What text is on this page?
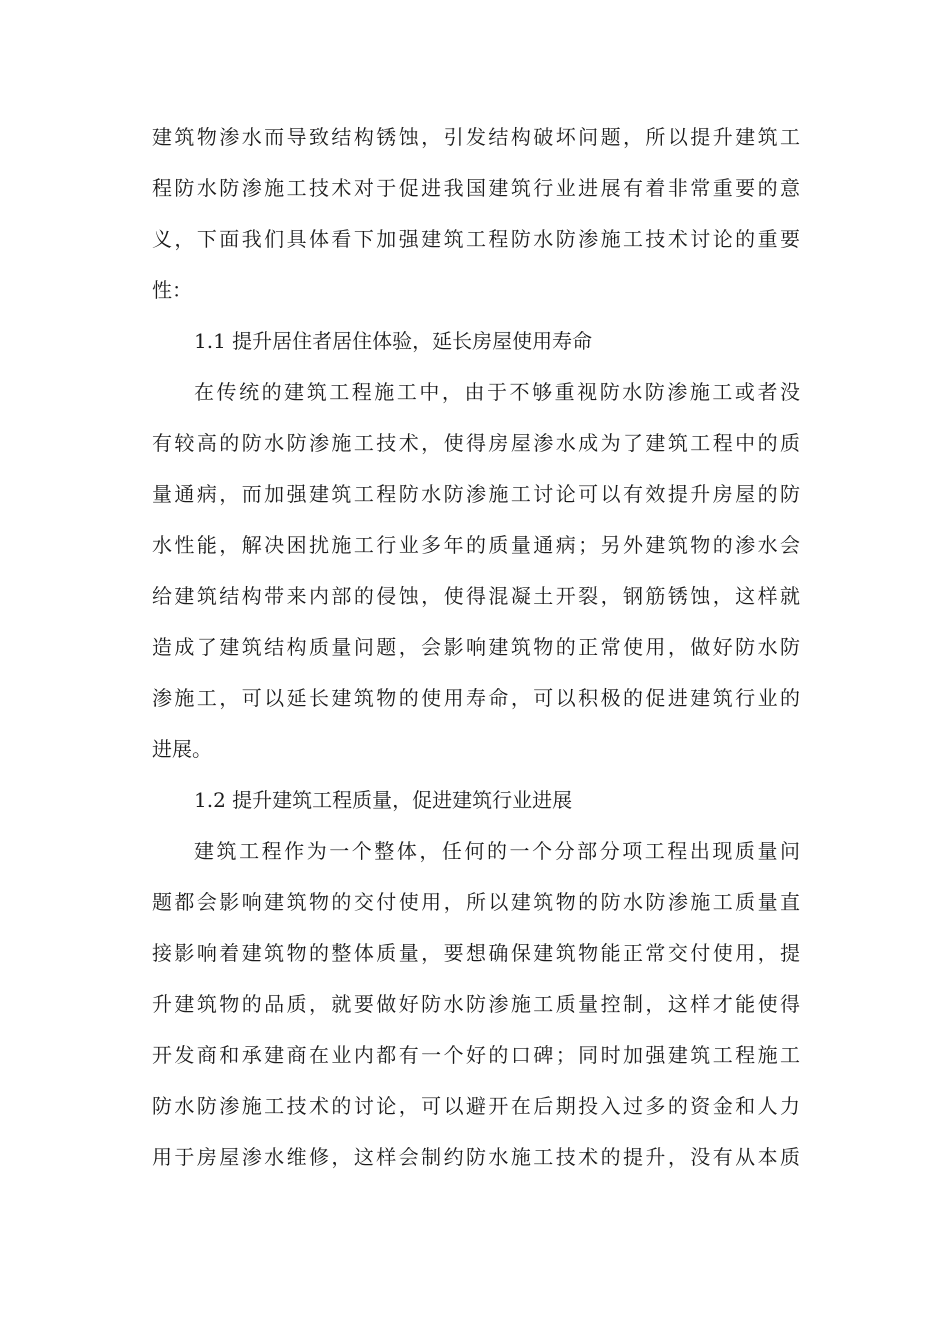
建筑物渗水而导致结构锈蚀，引发结构破坏问题，所以提升建筑工
程防水防渗施工技术对于促进我国建筑行业进展有着非常重要的意
义，下面我们具体看下加强建筑工程防水防渗施工技术讨论的重要
性：
1.1 提升居住者居住体验，延长房屋使用寿命
在传统的建筑工程施工中，由于不够重视防水防渗施工或者没
有较高的防水防渗施工技术，使得房屋渗水成为了建筑工程中的质
量通病，而加强建筑工程防水防渗施工讨论可以有效提升房屋的防
水性能，解决困扰施工行业多年的质量通病；另外建筑物的渗水会
给建筑结构带来内部的侵蚀，使得混凝土开裂，钢筋锈蚀，这样就
造成了建筑结构质量问题，会影响建筑物的正常使用，做好防水防
渗施工，可以延长建筑物的使用寿命，可以积极的促进建筑行业的
进展。
1.2 提升建筑工程质量，促进建筑行业进展
建筑工程作为一个整体，任何的一个分部分项工程出现质量问
题都会影响建筑物的交付使用，所以建筑物的防水防渗施工质量直
接影响着建筑物的整体质量，要想确保建筑物能正常交付使用，提
升建筑物的品质，就要做好防水防渗施工质量控制，这样才能使得
开发商和承建商在业内都有一个好的口碑；同时加强建筑工程施工
防水防渗施工技术的讨论，可以避开在后期投入过多的资金和人力
用于房屋渗水维修，这样会制约防水施工技术的提升，没有从本质
